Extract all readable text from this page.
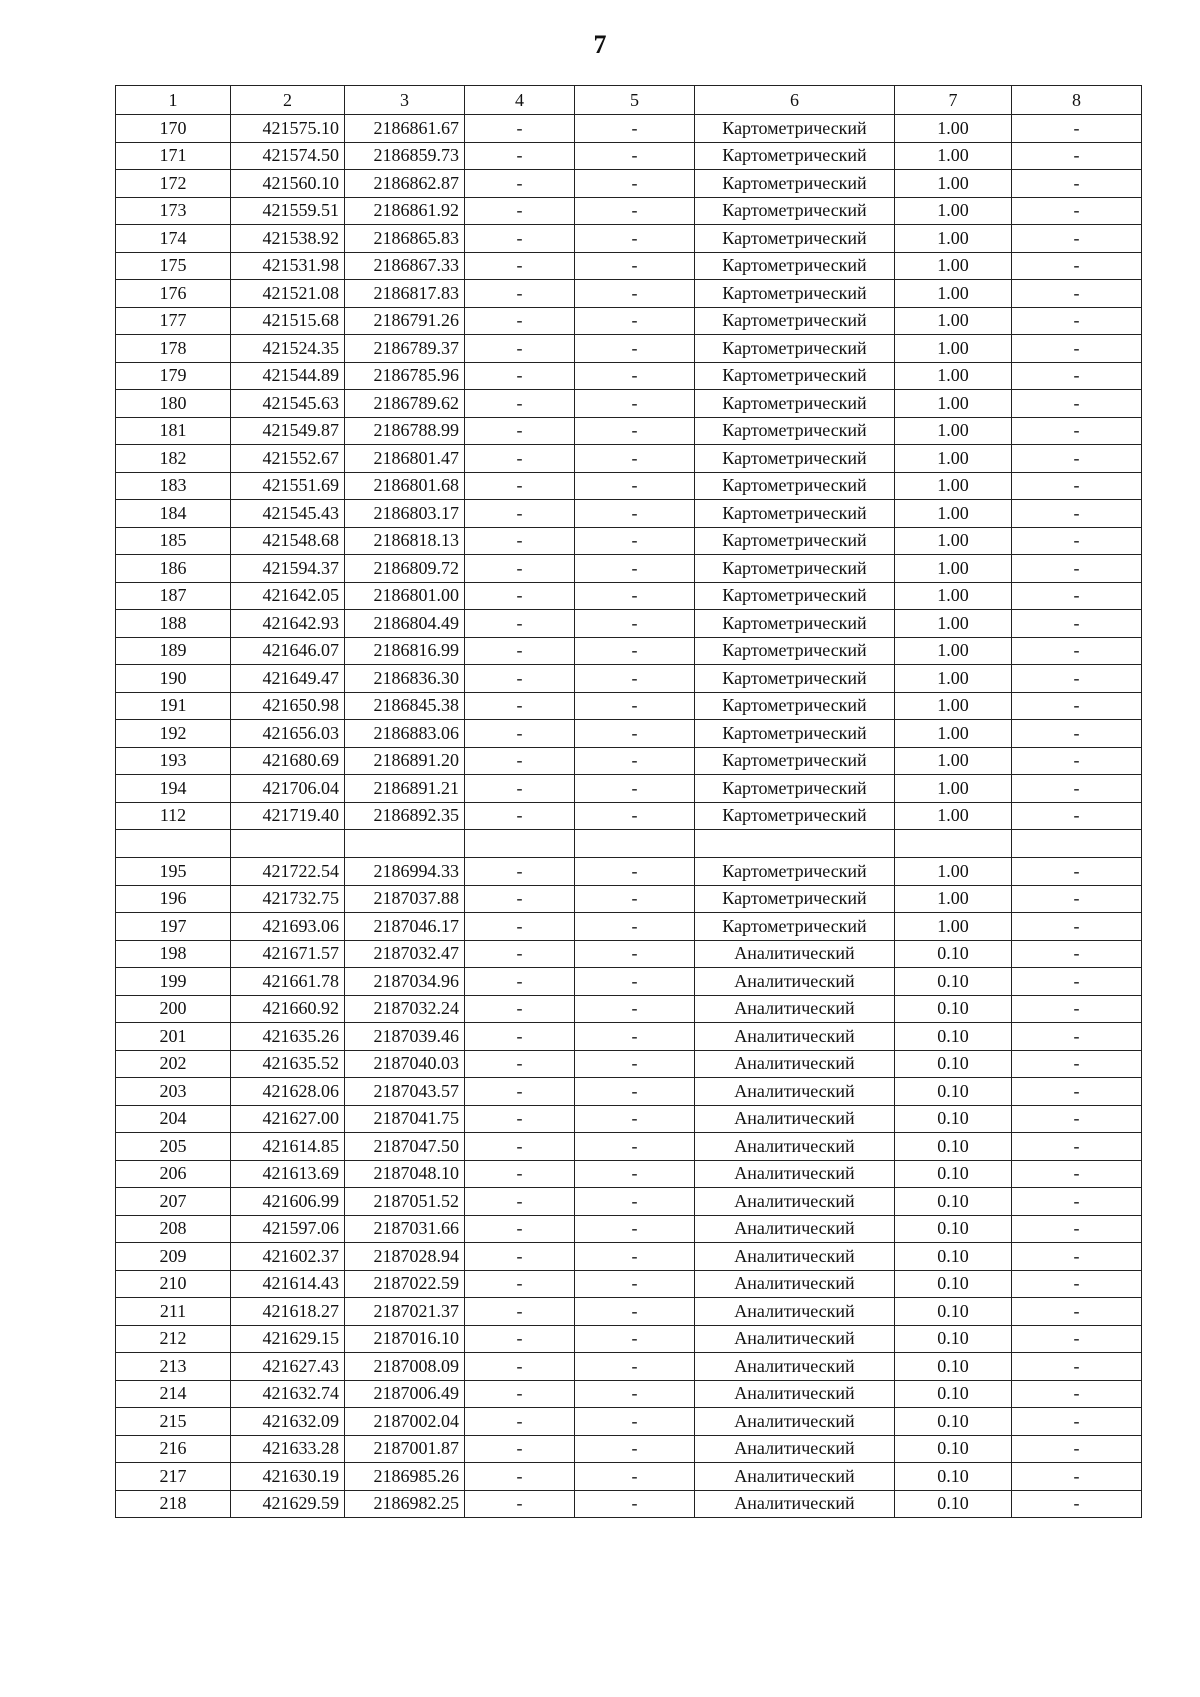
7
1	2	3	4	5	6	7	8
170	421575.10	2186861.67	-	-	Картометрический	1.00	-
171	421574.50	2186859.73	-	-	Картометрический	1.00	-
172	421560.10	2186862.87	-	-	Картометрический	1.00	-
173	421559.51	2186861.92	-	-	Картометрический	1.00	-
174	421538.92	2186865.83	-	-	Картометрический	1.00	-
175	421531.98	2186867.33	-	-	Картометрический	1.00	-
176	421521.08	2186817.83	-	-	Картометрический	1.00	-
177	421515.68	2186791.26	-	-	Картометрический	1.00	-
178	421524.35	2186789.37	-	-	Картометрический	1.00	-
179	421544.89	2186785.96	-	-	Картометрический	1.00	-
180	421545.63	2186789.62	-	-	Картометрический	1.00	-
181	421549.87	2186788.99	-	-	Картометрический	1.00	-
182	421552.67	2186801.47	-	-	Картометрический	1.00	-
183	421551.69	2186801.68	-	-	Картометрический	1.00	-
184	421545.43	2186803.17	-	-	Картометрический	1.00	-
185	421548.68	2186818.13	-	-	Картометрический	1.00	-
186	421594.37	2186809.72	-	-	Картометрический	1.00	-
187	421642.05	2186801.00	-	-	Картометрический	1.00	-
188	421642.93	2186804.49	-	-	Картометрический	1.00	-
189	421646.07	2186816.99	-	-	Картометрический	1.00	-
190	421649.47	2186836.30	-	-	Картометрический	1.00	-
191	421650.98	2186845.38	-	-	Картометрический	1.00	-
192	421656.03	2186883.06	-	-	Картометрический	1.00	-
193	421680.69	2186891.20	-	-	Картометрический	1.00	-
194	421706.04	2186891.21	-	-	Картометрический	1.00	-
112	421719.40	2186892.35	-	-	Картометрический	1.00	-

195	421722.54	2186994.33	-	-	Картометрический	1.00	-
196	421732.75	2187037.88	-	-	Картометрический	1.00	-
197	421693.06	2187046.17	-	-	Картометрический	1.00	-
198	421671.57	2187032.47	-	-	Аналитический	0.10	-
199	421661.78	2187034.96	-	-	Аналитический	0.10	-
200	421660.92	2187032.24	-	-	Аналитический	0.10	-
201	421635.26	2187039.46	-	-	Аналитический	0.10	-
202	421635.52	2187040.03	-	-	Аналитический	0.10	-
203	421628.06	2187043.57	-	-	Аналитический	0.10	-
204	421627.00	2187041.75	-	-	Аналитический	0.10	-
205	421614.85	2187047.50	-	-	Аналитический	0.10	-
206	421613.69	2187048.10	-	-	Аналитический	0.10	-
207	421606.99	2187051.52	-	-	Аналитический	0.10	-
208	421597.06	2187031.66	-	-	Аналитический	0.10	-
209	421602.37	2187028.94	-	-	Аналитический	0.10	-
210	421614.43	2187022.59	-	-	Аналитический	0.10	-
211	421618.27	2187021.37	-	-	Аналитический	0.10	-
212	421629.15	2187016.10	-	-	Аналитический	0.10	-
213	421627.43	2187008.09	-	-	Аналитический	0.10	-
214	421632.74	2187006.49	-	-	Аналитический	0.10	-
215	421632.09	2187002.04	-	-	Аналитический	0.10	-
216	421633.28	2187001.87	-	-	Аналитический	0.10	-
217	421630.19	2186985.26	-	-	Аналитический	0.10	-
218	421629.59	2186982.25	-	-	Аналитический	0.10	-
